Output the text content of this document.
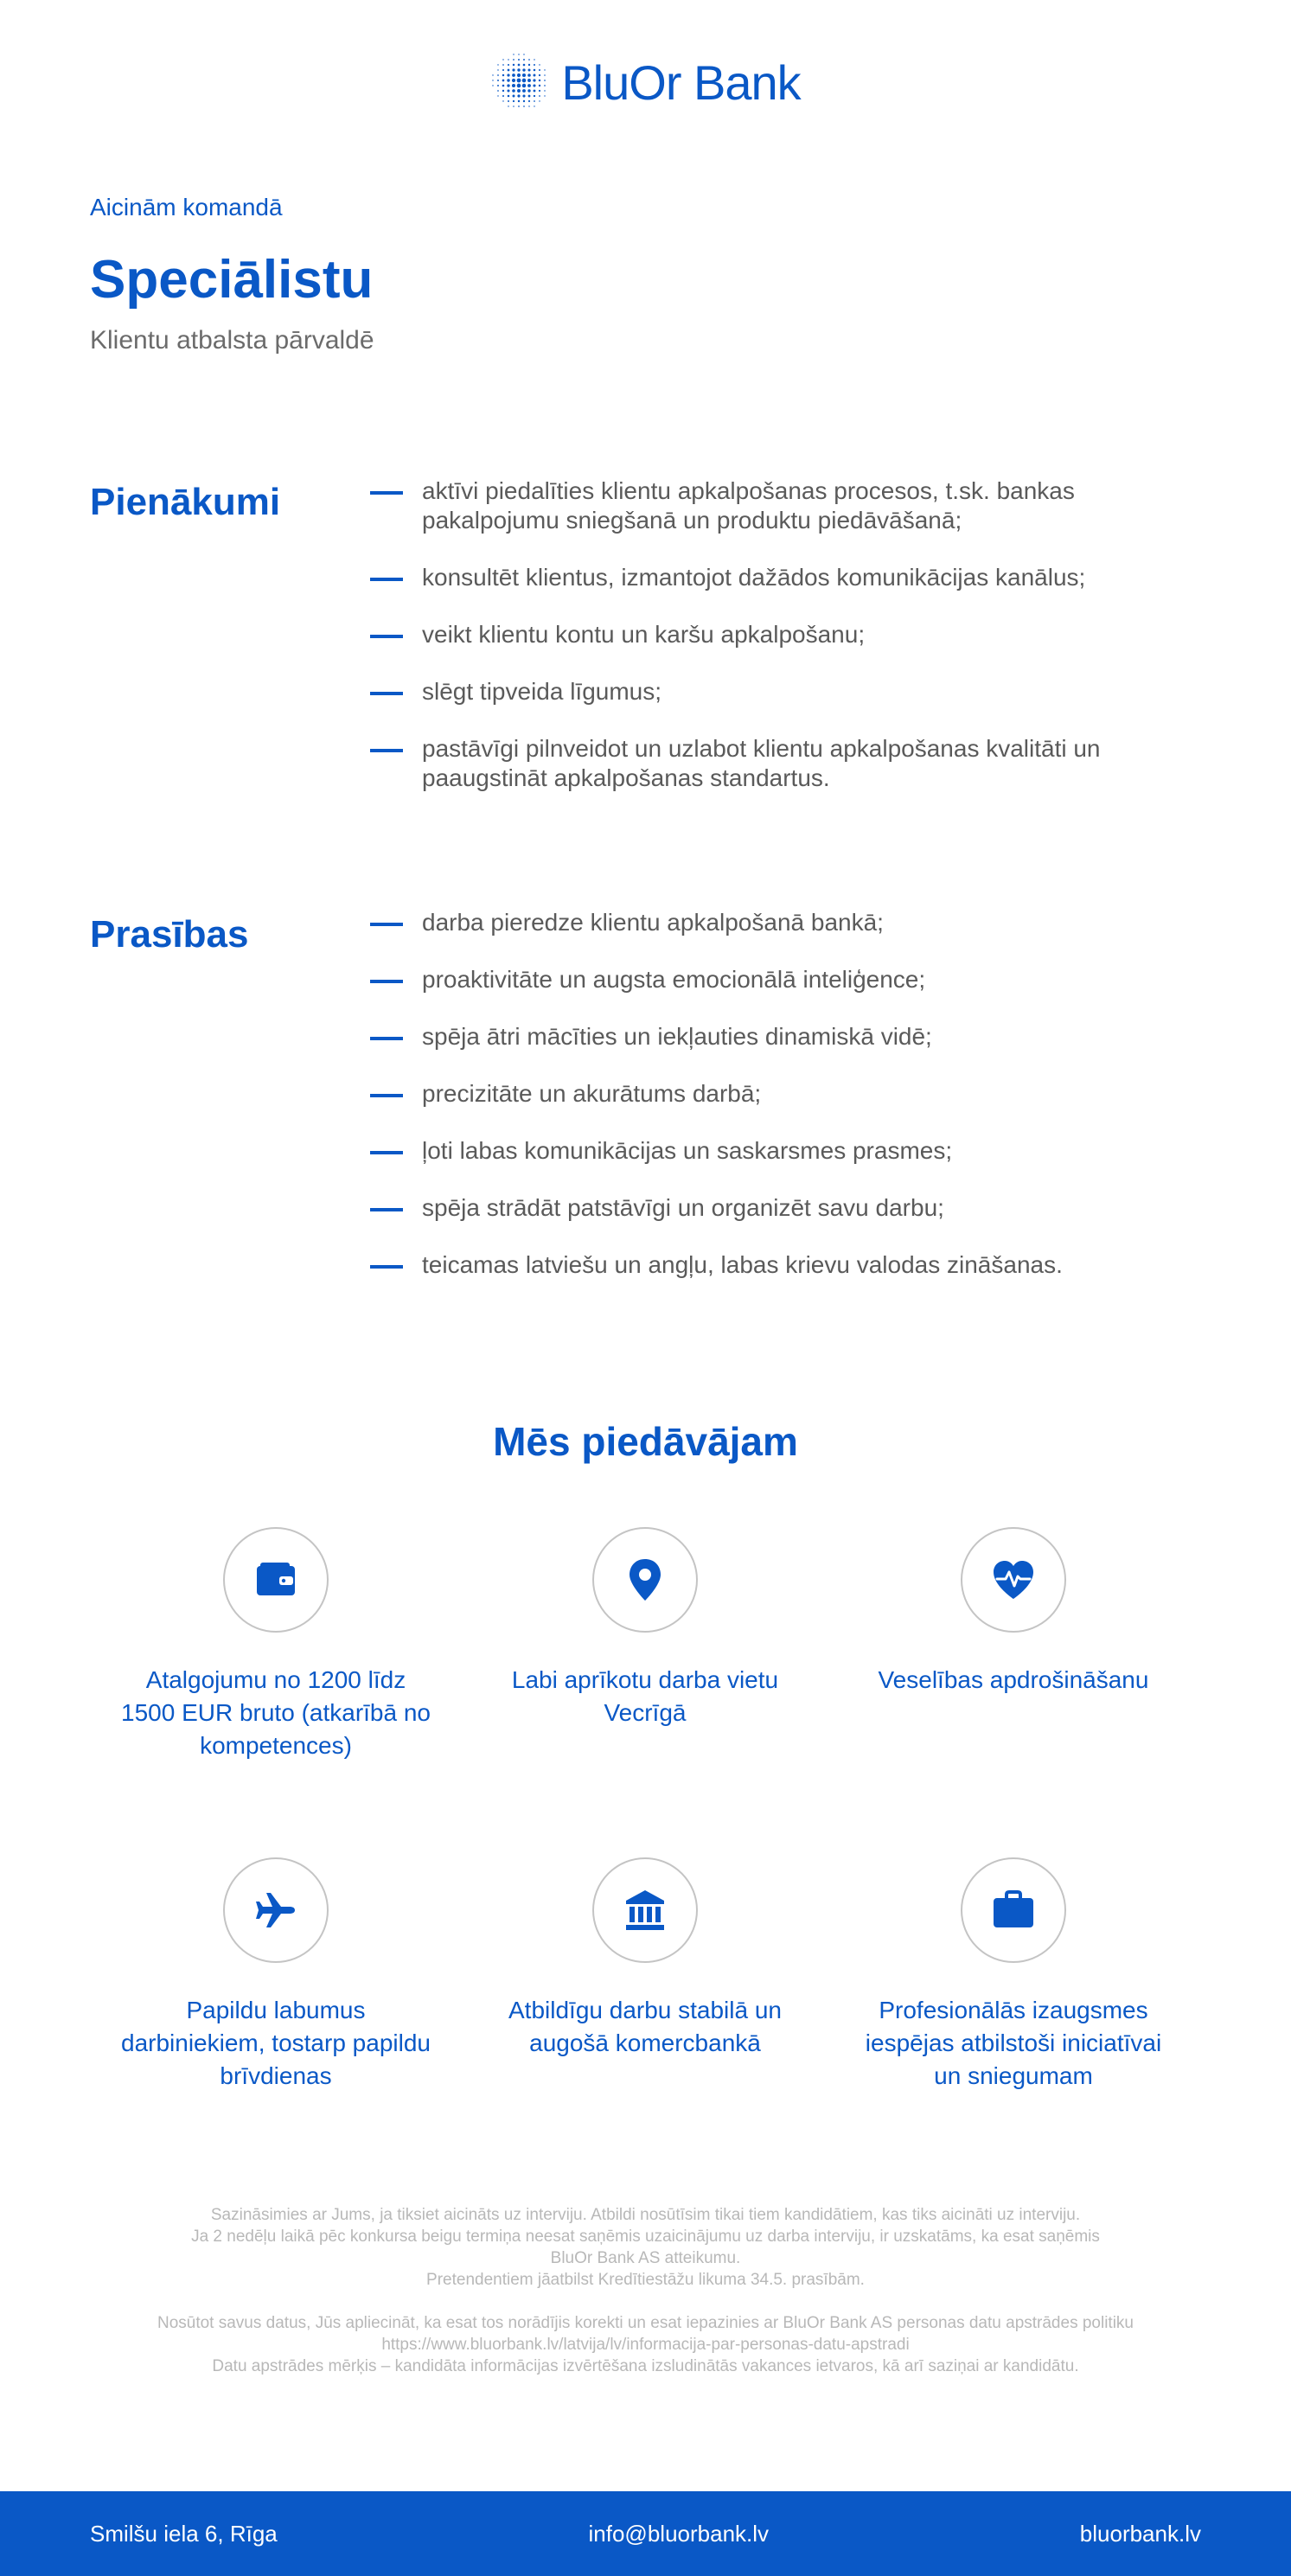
BluOr Bank
Aicinām komandā
Speciālistu
Klientu atbalsta pārvaldē
Pienākumi	aktīvi piedalīties klientu apkalpošanas procesos, t.sk. bankas pakalpojumu sniegšanā un produktu piedāvāšanā;
konsultēt klientus, izmantojot dažādos komunikācijas kanālus;
veikt klientu kontu un karšu apkalpošanu;
slēgt tipveida līgumus;
pastāvīgi pilnveidot un uzlabot klientu apkalpošanas kvalitāti un paaugstināt apkalpošanas standartus.
Prasības	darba pieredze klientu apkalpošanā bankā;
proaktivitāte un augsta emocionālā inteliģence;
spēja ātri mācīties un iekļauties dinamiskā vidē;
precizitāte un akurātums darbā;
ļoti labas komunikācijas un saskarsmes prasmes;
spēja strādāt patstāvīgi un organizēt savu darbu;
teicamas latviešu un angļu, labas krievu valodas zināšanas.
Mēs piedāvājam
Atalgojumu no 1200 līdz 1500 EUR bruto (atkarībā no kompetences)
Labi aprīkotu darba vietu Vecrīgā
Veselības apdrošināšanu
Papildu labumus darbiniekiem, tostarp papildu brīvdienas
Atbildīgu darbu stabilā un augošā komercbankā
Profesionālās izaugsmes iespējas atbilstoši iniciatīvai un sniegumam
Sazināsimies ar Jums, ja tiksiet aicināts uz interviju. Atbildi nosūtīsim tikai tiem kandidātiem, kas tiks aicināti uz interviju.
Ja 2 nedēļu laikā pēc konkursa beigu termiņa neesat saņēmis uzaicinājumu uz darba interviju, ir uzskatāms, ka esat saņēmis
BluOr Bank AS atteikumu.
Pretendentiem jāatbilst Kredītiestāžu likuma 34.5. prasībām.
Nosūtot savus datus, Jūs apliecināt, ka esat tos norādījis korekti un esat iepazinies ar BluOr Bank AS personas datu apstrādes politiku
https://www.bluorbank.lv/latvija/lv/informacija-par-personas-datu-apstradi
Datu apstrādes mērķis – kandidāta informācijas izvērtēšana izsludinātās vakances ietvaros, kā arī saziņai ar kandidātu.
Smilšu iela 6, Rīga	info@bluorbank.lv	bluorbank.lv
